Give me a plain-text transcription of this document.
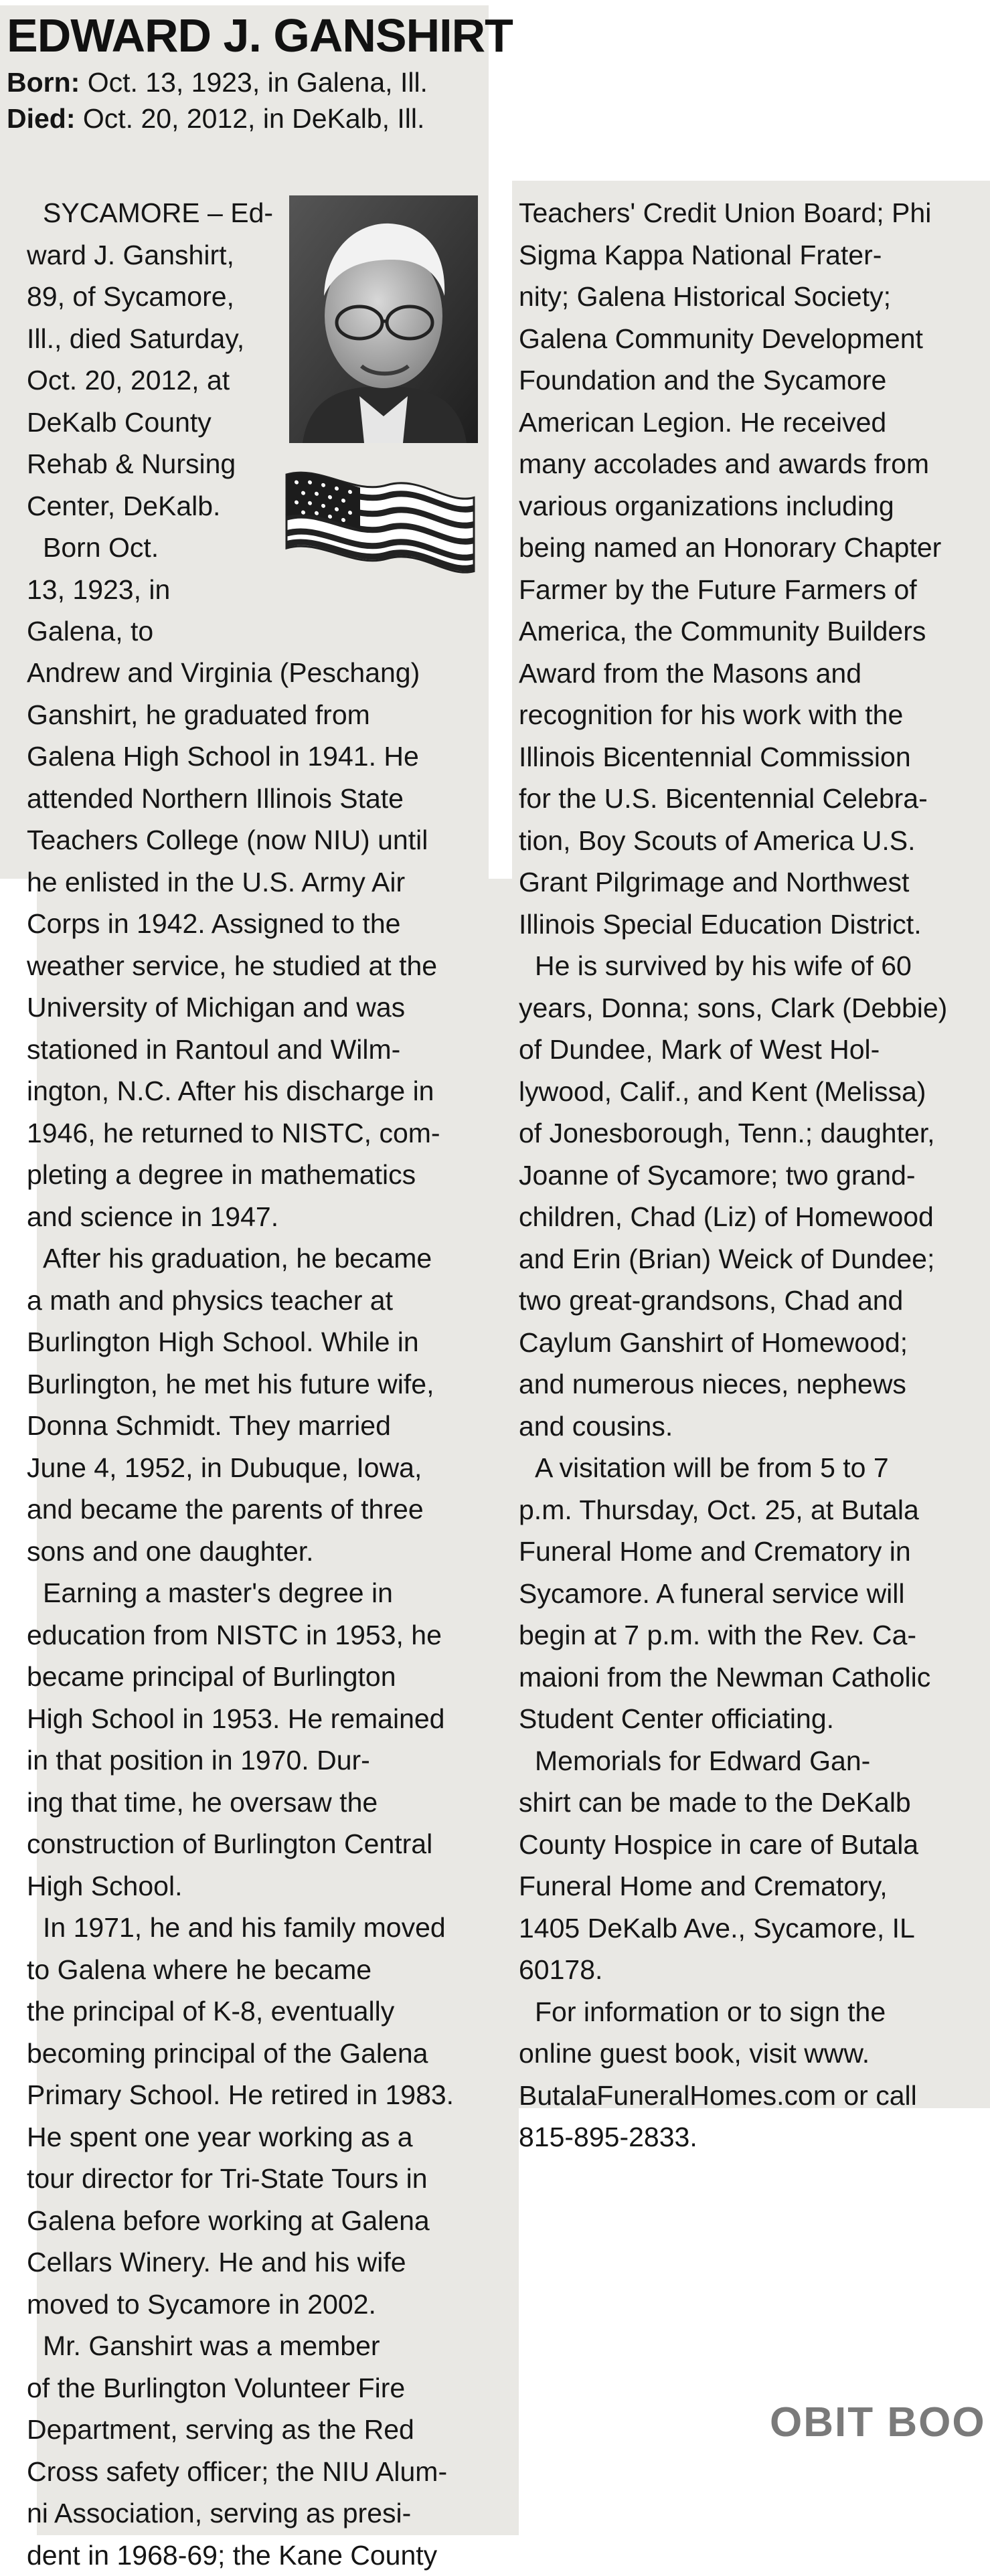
EDWARD J. GANSHIRT
Born: Oct. 13, 1923, in Galena, Ill.
Died: Oct. 20, 2012, in DeKalb, Ill.

SYCAMORE – Ed-

ward J. Ganshirt,

89, of Sycamore,

Ill., died Saturday,

Oct. 20, 2012, at

DeKalb County

Rehab & Nursing

Center, DeKalb.

Born Oct.

13, 1923, in

Galena, to

Andrew and Virginia (Peschang)

Ganshirt, he graduated from

Galena High School in 1941. He

attended Northern Illinois State

Teachers College (now NIU) until

he enlisted in the U.S. Army Air

Corps in 1942. Assigned to the

weather service, he studied at the

University of Michigan and was

stationed in Rantoul and Wilm-

ington, N.C. After his discharge in

1946, he returned to NISTC, com-

pleting a degree in mathematics

and science in 1947.

After his graduation, he became

a math and physics teacher at

Burlington High School. While in

Burlington, he met his future wife,

Donna Schmidt. They married

June 4, 1952, in Dubuque, Iowa,

and became the parents of three

sons and one daughter.

Earning a master's degree in

education from NISTC in 1953, he

became principal of Burlington

High School in 1953. He remained

in that position in 1970. Dur-

ing that time, he oversaw the

construction of Burlington Central

High School.

In 1971, he and his family moved

to Galena where he became

the principal of K-8, eventually

becoming principal of the Galena

Primary School. He retired in 1983.

He spent one year working as a

tour director for Tri-State Tours in

Galena before working at Galena

Cellars Winery. He and his wife

moved to Sycamore in 2002.

Mr. Ganshirt was a member

of the Burlington Volunteer Fire

Department, serving as the Red

Cross safety officer; the NIU Alum-

ni Association, serving as presi-

dent in 1968-69; the Kane County

Teachers' Credit Union Board; Phi

Sigma Kappa National Frater-

nity; Galena Historical Society;

Galena Community Development

Foundation and the Sycamore

American Legion. He received

many accolades and awards from

various organizations including

being named an Honorary Chapter

Farmer by the Future Farmers of

America, the Community Builders

Award from the Masons and

recognition for his work with the

Illinois Bicentennial Commission

for the U.S. Bicentennial Celebra-

tion, Boy Scouts of America U.S.

Grant Pilgrimage and Northwest

Illinois Special Education District.

He is survived by his wife of 60

years, Donna; sons, Clark (Debbie)

of Dundee, Mark of West Hol-

lywood, Calif., and Kent (Melissa)

of Jonesborough, Tenn.; daughter,

Joanne of Sycamore; two grand-

children, Chad (Liz) of Homewood

and Erin (Brian) Weick of Dundee;

two great-grandsons, Chad and

Caylum Ganshirt of Homewood;

and numerous nieces, nephews

and cousins.

A visitation will be from 5 to 7

p.m. Thursday, Oct. 25, at Butala

Funeral Home and Crematory in

Sycamore. A funeral service will

begin at 7 p.m. with the Rev. Ca-

maioni from the Newman Catholic

Student Center officiating.

Memorials for Edward Gan-

shirt can be made to the DeKalb

County Hospice in care of Butala

Funeral Home and Crematory,

1405 DeKalb Ave., Sycamore, IL

60178.

For information or to sign the

online guest book, visit www.

ButalaFuneralHomes.com or call

815-895-2833.

OBIT BOO
